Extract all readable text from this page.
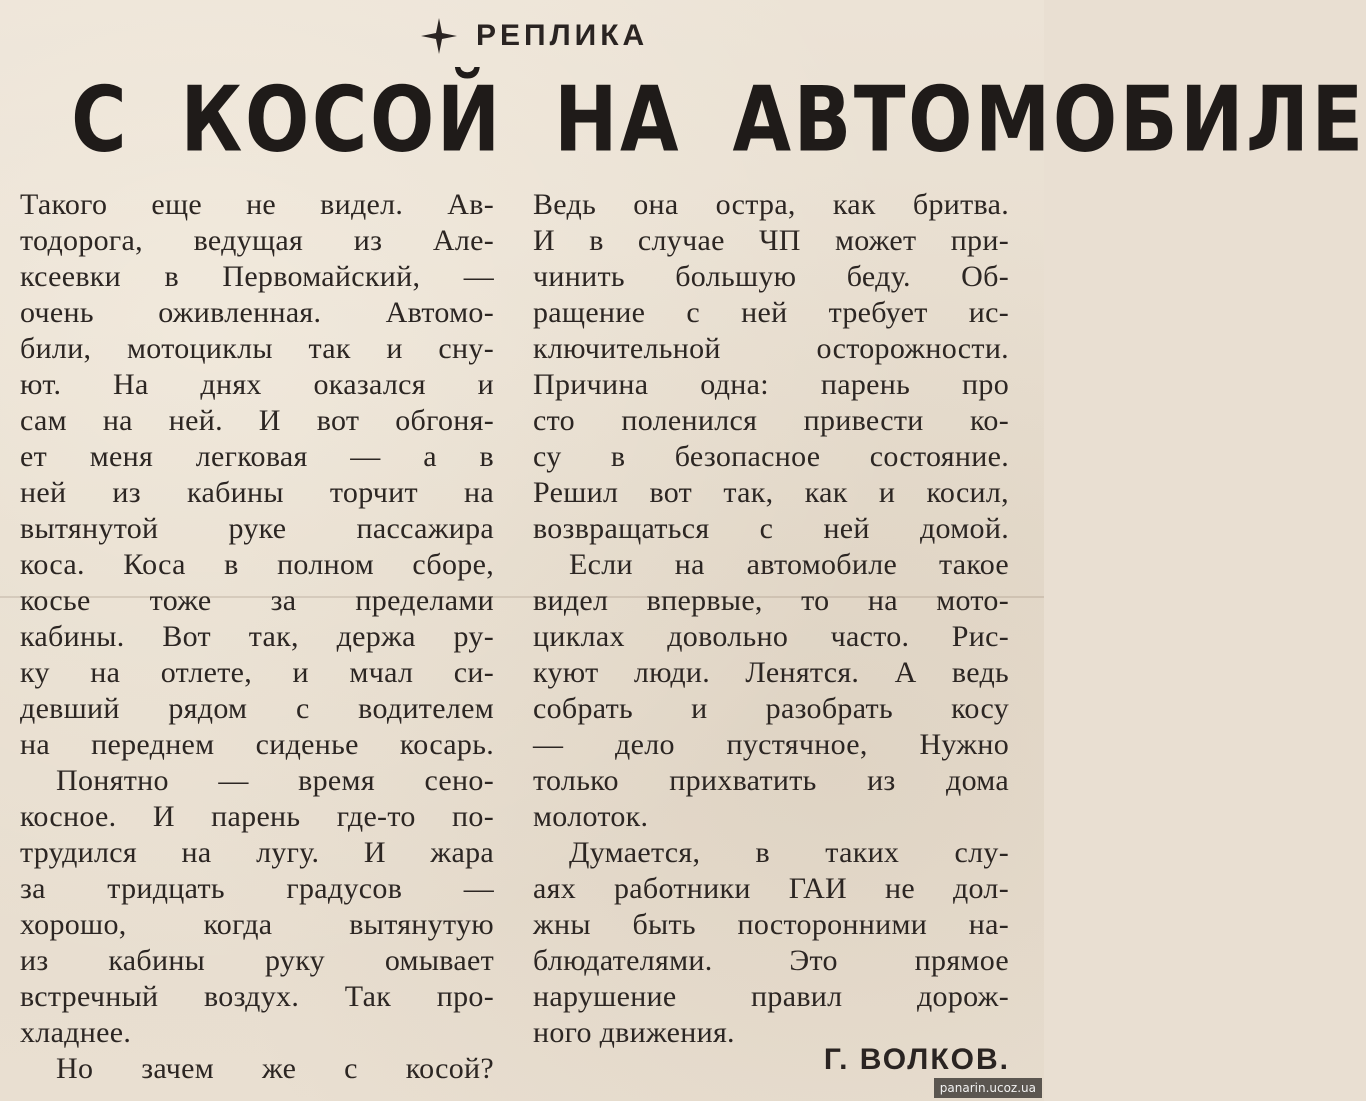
РЕПЛИКА
С КОСОЙ НА АВТОМОБИЛЕ
Такого еще не видел. Ав-
тодорога, ведущая из Але-
ксеевки в Первомайский, —
очень оживленная. Автомо-
били, мотоциклы так и сну-
ют. На днях оказался и
сам на ней. И вот обгоня-
ет меня легковая — а в
ней из кабины торчит на
вытянутой руке пассажира
коса. Коса в полном сборе,
косье тоже за пределами
кабины. Вот так, держа ру-
ку на отлете, и мчал си-
девший рядом с водителем
на переднем сиденье косарь.
Понятно — время сено-
косное. И парень где-то по-
трудился на лугу. И жара
за тридцать градусов —
хорошо, когда вытянутую
из кабины руку омывает
встречный воздух. Так про-
хладнее.
Но зачем же с косой?
Ведь она остра, как бритва.
И в случае ЧП может при-
чинить большую беду. Об-
ращение с ней требует ис-
ключительной осторожности.
Причина одна: парень про
сто поленился привести ко-
су в безопасное состояние.
Решил вот так, как и косил,
возвращаться с ней домой.
Если на автомобиле такое
видел впервые, то на мото-
циклах довольно часто. Рис-
куют люди. Ленятся. А ведь
собрать и разобрать косу
— дело пустячное, Нужно
только прихватить из дома
молоток.
Думается, в таких слу-
аях работники ГАИ не дол-
жны быть посторонними на-
блюдателями. Это прямое
нарушение правил дорож-
ного движения.
Г. ВОЛКОВ.
panarin.ucoz.ua
